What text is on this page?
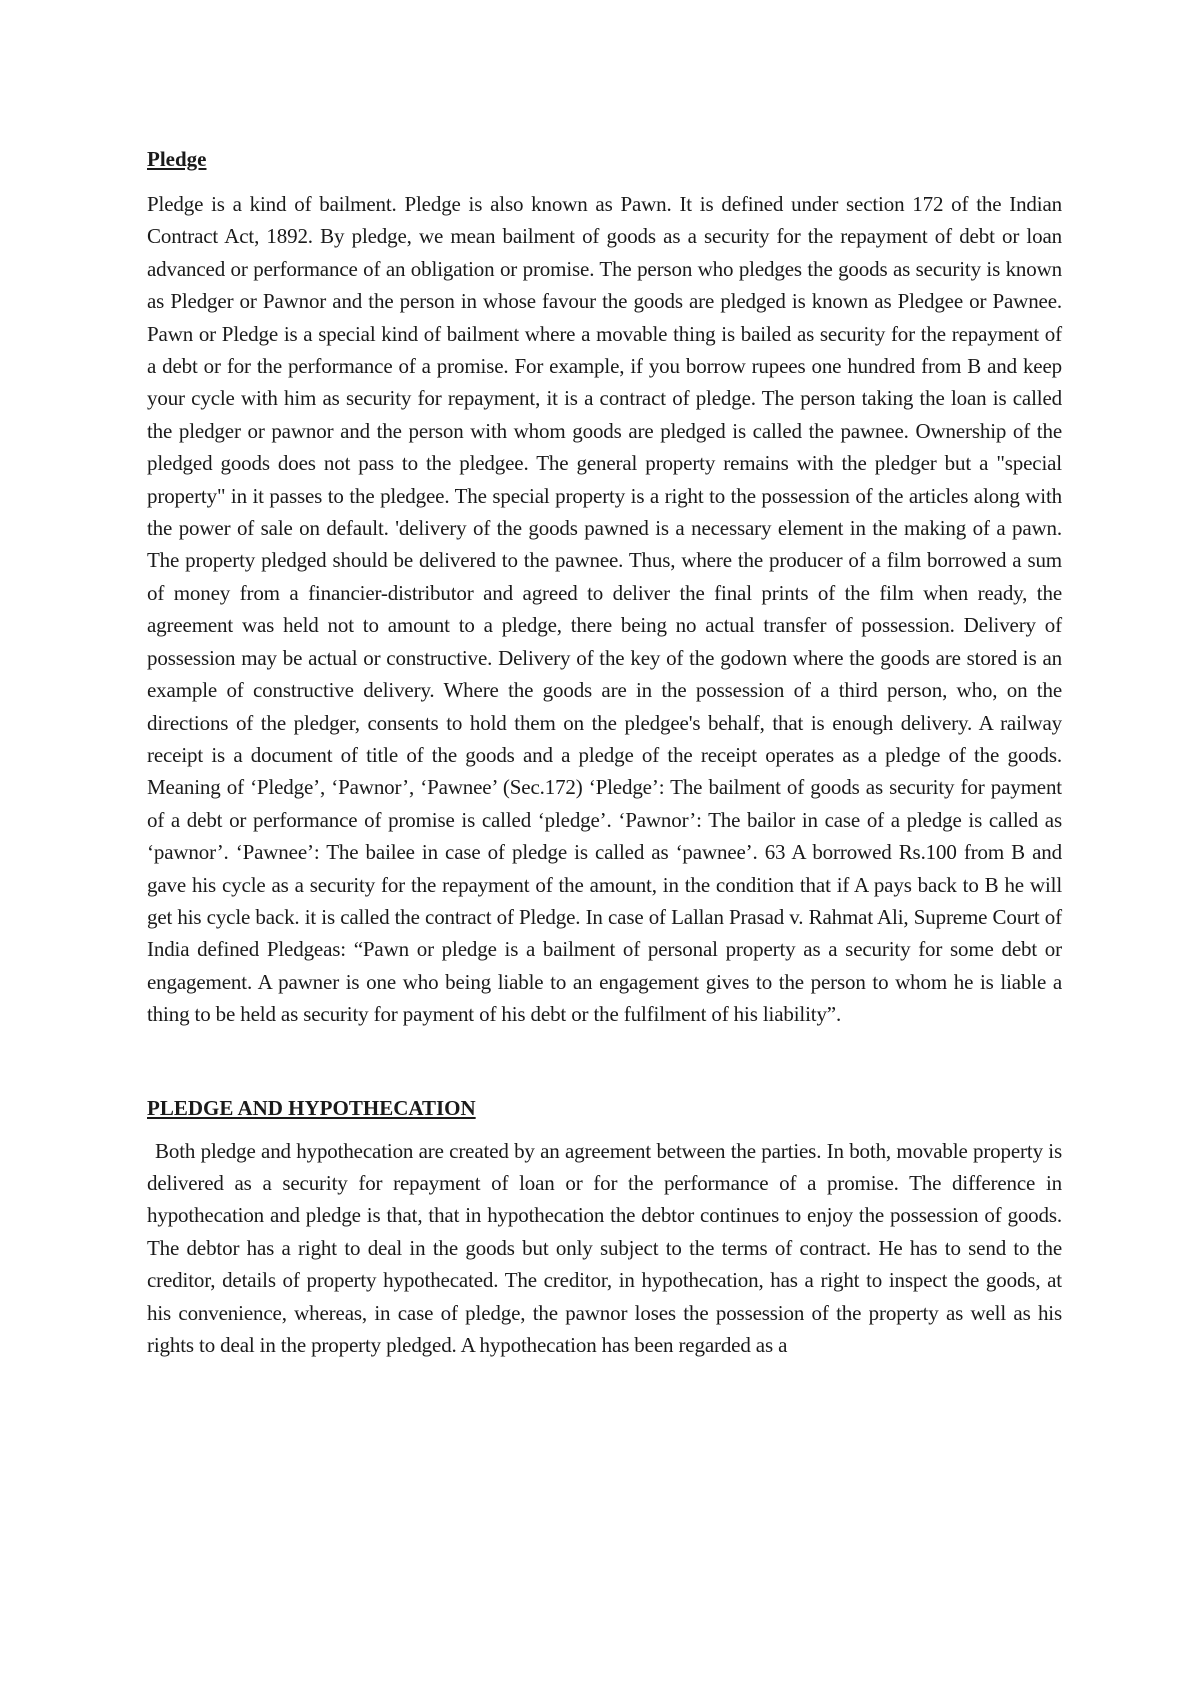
Pledge

Pledge is a kind of bailment. Pledge is also known as Pawn. It is defined under section 172 of the Indian Contract Act, 1892. By pledge, we mean bailment of goods as a security for the repayment of debt or loan advanced or performance of an obligation or promise. The person who pledges the goods as security is known as Pledger or Pawnor and the person in whose favour the goods are pledged is known as Pledgee or Pawnee. Pawn or Pledge is a special kind of bailment where a movable thing is bailed as security for the repayment of a debt or for the performance of a promise. For example, if you borrow rupees one hundred from B and keep your cycle with him as security for repayment, it is a contract of pledge. The person taking the loan is called the pledger or pawnor and the person with whom goods are pledged is called the pawnee. Ownership of the pledged goods does not pass to the pledgee. The general property remains with the pledger but a "special property" in it passes to the pledgee. The special property is a right to the possession of the articles along with the power of sale on default. 'delivery of the goods pawned is a necessary element in the making of a pawn. The property pledged should be delivered to the pawnee. Thus, where the producer of a film borrowed a sum of money from a financier-distributor and agreed to deliver the final prints of the film when ready, the agreement was held not to amount to a pledge, there being no actual transfer of possession. Delivery of possession may be actual or constructive. Delivery of the key of the godown where the goods are stored is an example of constructive delivery. Where the goods are in the possession of a third person, who, on the directions of the pledger, consents to hold them on the pledgee's behalf, that is enough delivery. A railway receipt is a document of title of the goods and a pledge of the receipt operates as a pledge of the goods. Meaning of ‘Pledge’, ‘Pawnor’, ‘Pawnee’ (Sec.172) ‘Pledge’: The bailment of goods as security for payment of a debt or performance of promise is called ‘pledge’. ‘Pawnor’: The bailor in case of a pledge is called as ‘pawnor’. ‘Pawnee’: The bailee in case of pledge is called as ‘pawnee’. 63 A borrowed Rs.100 from B and gave his cycle as a security for the repayment of the amount, in the condition that if A pays back to B he will get his cycle back. it is called the contract of Pledge. In case of Lallan Prasad v. Rahmat Ali, Supreme Court of India defined Pledgeas: “Pawn or pledge is a bailment of personal property as a security for some debt or engagement. A pawner is one who being liable to an engagement gives to the person to whom he is liable a thing to be held as security for payment of his debt or the fulfilment of his liability”.

PLEDGE AND HYPOTHECATION

Both pledge and hypothecation are created by an agreement between the parties. In both, movable property is delivered as a security for repayment of loan or for the performance of a promise. The difference in hypothecation and pledge is that, that in hypothecation the debtor continues to enjoy the possession of goods. The debtor has a right to deal in the goods but only subject to the terms of contract. He has to send to the creditor, details of property hypothecated. The creditor, in hypothecation, has a right to inspect the goods, at his convenience, whereas, in case of pledge, the pawnor loses the possession of the property as well as his rights to deal in the property pledged. A hypothecation has been regarded as a
